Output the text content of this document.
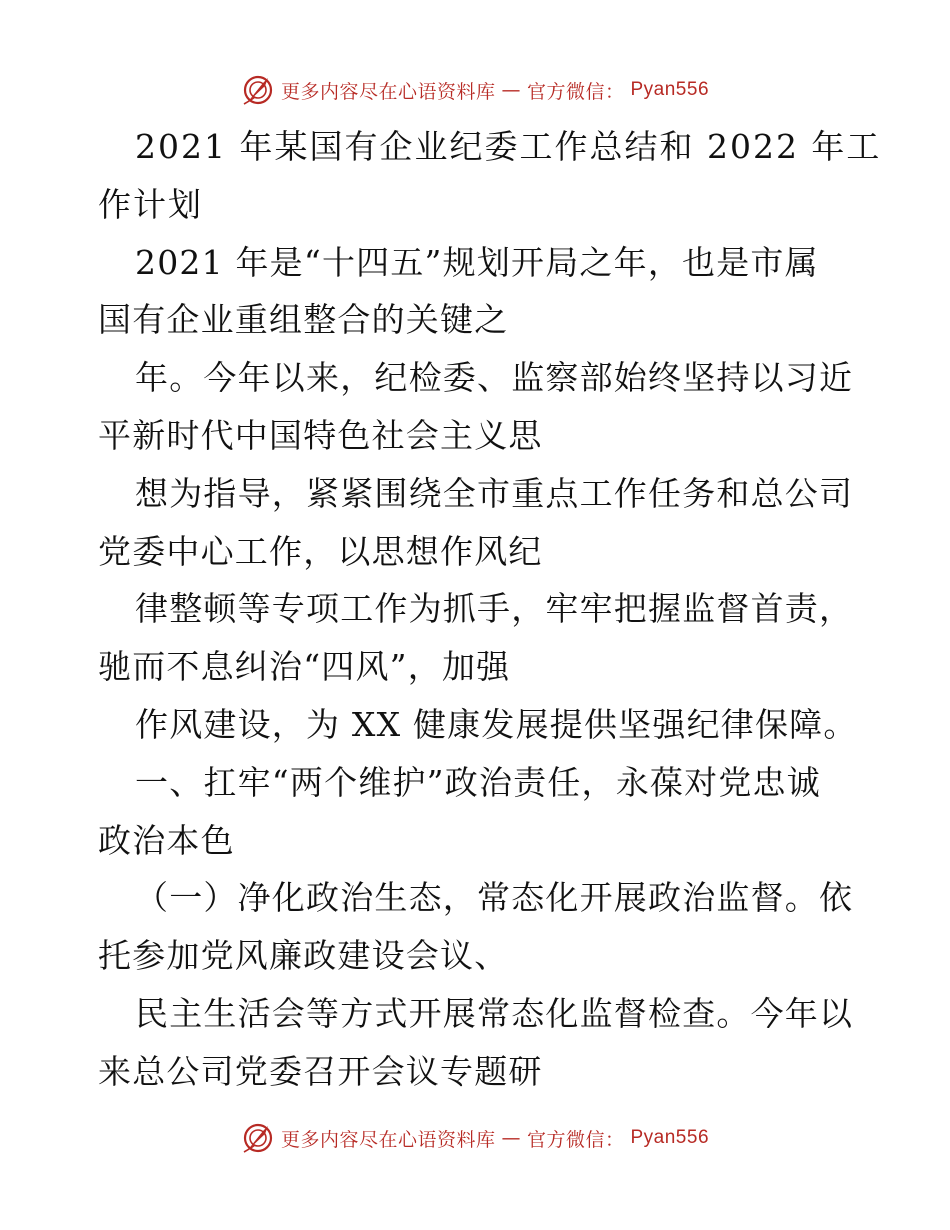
更多内容尽在心语资料库 — 官方微信： Pyan556
2021 年某国有企业纪委工作总结和 2022 年工
作计划
2021 年是“十四五”规划开局之年，也是市属
国有企业重组整合的关键之
年。今年以来，纪检委、监察部始终坚持以习近
平新时代中国特色社会主义思
想为指导，紧紧围绕全市重点工作任务和总公司
党委中心工作，以思想作风纪
律整顿等专项工作为抓手，牢牢把握监督首责，
驰而不息纠治“四风”，加强
作风建设，为 XX 健康发展提供坚强纪律保障。
一、扛牢“两个维护”政治责任，永葆对党忠诚
政治本色
（一）净化政治生态，常态化开展政治监督。依
托参加党风廉政建设会议、
民主生活会等方式开展常态化监督检查。今年以
来总公司党委召开会议专题研
更多内容尽在心语资料库 — 官方微信： Pyan556
